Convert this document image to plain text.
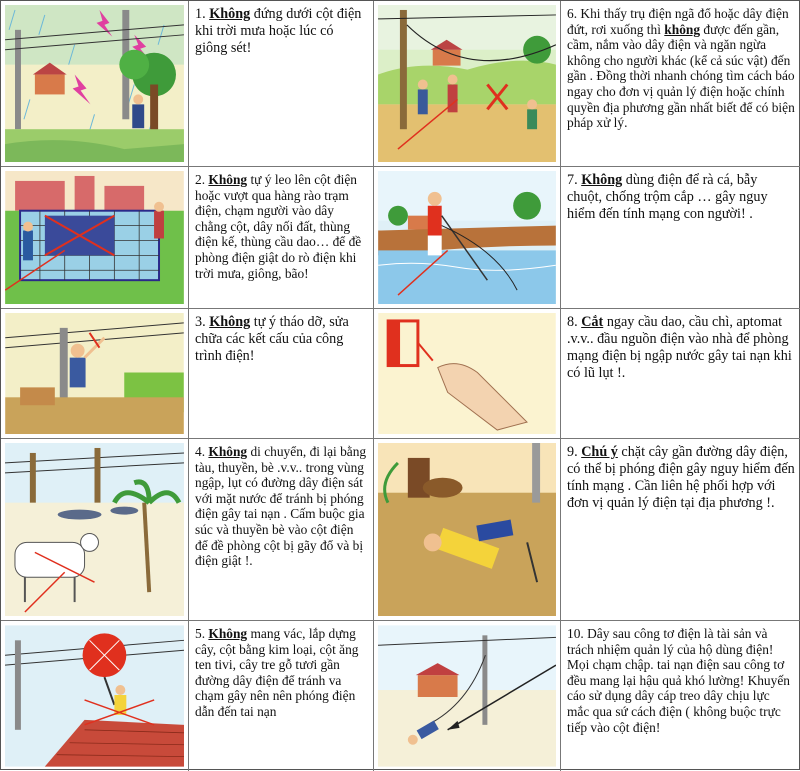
1. Không đứng dưới cột điện khi trời mưa hoặc lúc có giông sét!
6. Khi thấy trụ điện ngã đổ hoặc dây điện đứt, rơi xuống thì không được đến gần, cầm, nắm vào dây điện và ngăn ngừa không cho người khác (kể cả súc vật) đến gần . Đồng thời nhanh chóng tìm cách báo ngay cho đơn vị quản lý điện hoặc chính quyền địa phương gần nhất biết để có biện pháp xử lý.
2. Không tự ý leo lên cột điện hoặc vượt qua hàng rào trạm điện, chạm người vào dây chằng cột, dây nối đất, thùng điện kế, thùng cầu dao… để đề phòng điện giật do rò điện khi trời mưa, giông, bão!
7. Không dùng điện để rà cá, bẫy chuột, chống trộm cắp … gây nguy hiểm đến tính mạng con người! .
3. Không tự ý tháo dỡ, sửa chữa các kết cấu của công trình điện!
8. Cắt ngay cầu dao, cầu chì, aptomat .v.v.. đầu nguồn điện vào nhà để phòng mạng điện bị ngập nước gây tai nạn khi có lũ lụt !.
4. Không di chuyển, đi lại bằng tàu, thuyền, bè .v.v.. trong vùng ngập, lụt có đường dây điện sát với mặt nước để tránh bị phóng điện gây tai nạn . Cấm buộc gia súc và thuyền bè vào cột điện để đề phòng cột bị gãy đổ và bị điện giật !.
9. Chú ý chặt cây gần đường dây điện, có thể bị phóng điện gây nguy hiểm đến tính mạng . Cần liên hệ phối hợp với đơn vị quản lý điện tại địa phương !.
5. Không mang vác, lắp dựng cây, cột bằng kim loại, cột ăng ten tivi, cây tre gỗ tươi gần đường dây điện để tránh va chạm gây nên nên phóng điện dẫn đến tai nạn
10. Dây sau công tơ điện là tài sản và trách nhiệm quản lý của hộ dùng điện! Mọi chạm chập. tai nạn điện sau công tơ đều mang lại hậu quả khó lường! Khuyến cáo sử dụng dây cáp treo dây chịu lực mắc qua sứ cách điện ( không buộc trực tiếp vào cột điện!
